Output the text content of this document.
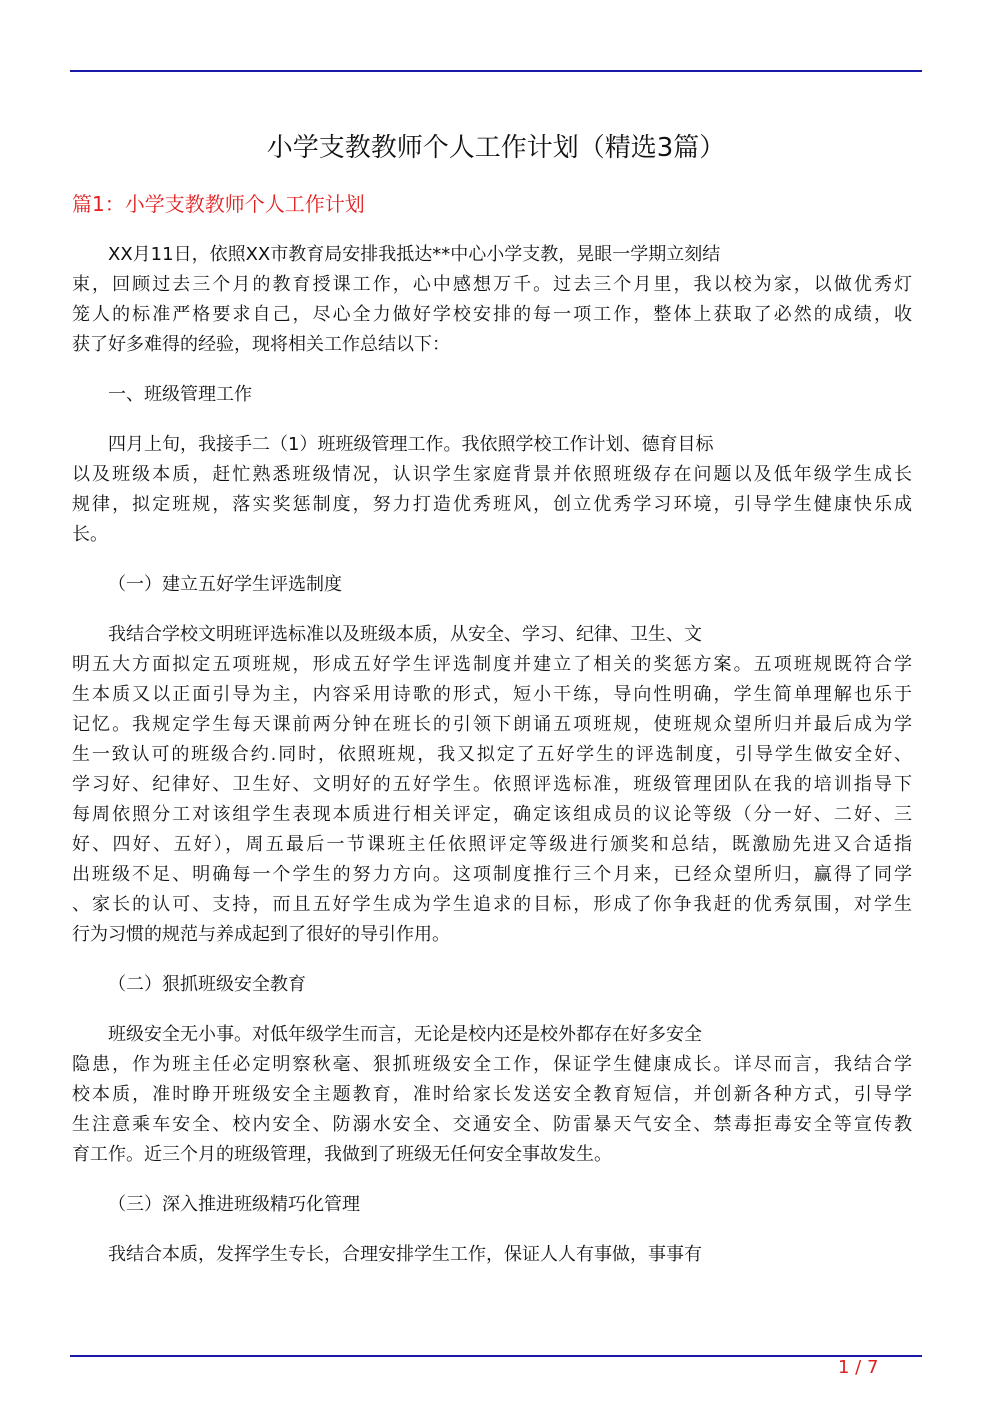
小学支教教师个人工作计划（精选3篇）
篇1：小学支教教师个人工作计划
XX月11日，依照XX市教育局安排我抵达**中心小学支教，晃眼一学期立刻结
束，回顾过去三个月的教育授课工作，心中感想万千。过去三个月里，我以校为家，以做优秀灯
笼人的标准严格要求自己，尽心全力做好学校安排的每一项工作，整体上获取了必然的成绩，收
获了好多难得的经验，现将相关工作总结以下：
一、班级管理工作
四月上旬，我接手二（1）班班级管理工作。我依照学校工作计划、德育目标
以及班级本质，赶忙熟悉班级情况，认识学生家庭背景并依照班级存在问题以及低年级学生成长
规律，拟定班规，落实奖惩制度，努力打造优秀班风，创立优秀学习环境，引导学生健康快乐成
长。
（一）建立五好学生评选制度
我结合学校文明班评选标准以及班级本质，从安全、学习、纪律、卫生、文
明五大方面拟定五项班规，形成五好学生评选制度并建立了相关的奖惩方案。五项班规既符合学
生本质又以正面引导为主，内容采用诗歌的形式，短小干练，导向性明确，学生简单理解也乐于
记忆。我规定学生每天课前两分钟在班长的引领下朗诵五项班规，使班规众望所归并最后成为学
生一致认可的班级合约.同时，依照班规，我又拟定了五好学生的评选制度，引导学生做安全好、
学习好、纪律好、卫生好、文明好的五好学生。依照评选标准，班级管理团队在我的培训指导下
每周依照分工对该组学生表现本质进行相关评定，确定该组成员的议论等级（分一好、二好、三
好、四好、五好），周五最后一节课班主任依照评定等级进行颁奖和总结，既激励先进又合适指
出班级不足、明确每一个学生的努力方向。这项制度推行三个月来，已经众望所归，赢得了同学
、家长的认可、支持，而且五好学生成为学生追求的目标，形成了你争我赶的优秀氛围，对学生
行为习惯的规范与养成起到了很好的导引作用。
（二）狠抓班级安全教育
班级安全无小事。对低年级学生而言，无论是校内还是校外都存在好多安全
隐患，作为班主任必定明察秋毫、狠抓班级安全工作，保证学生健康成长。详尽而言，我结合学
校本质，准时睁开班级安全主题教育，准时给家长发送安全教育短信，并创新各种方式，引导学
生注意乘车安全、校内安全、防溺水安全、交通安全、防雷暴天气安全、禁毒拒毒安全等宣传教
育工作。近三个月的班级管理，我做到了班级无任何安全事故发生。
（三）深入推进班级精巧化管理
我结合本质，发挥学生专长，合理安排学生工作，保证人人有事做，事事有
1 / 7
